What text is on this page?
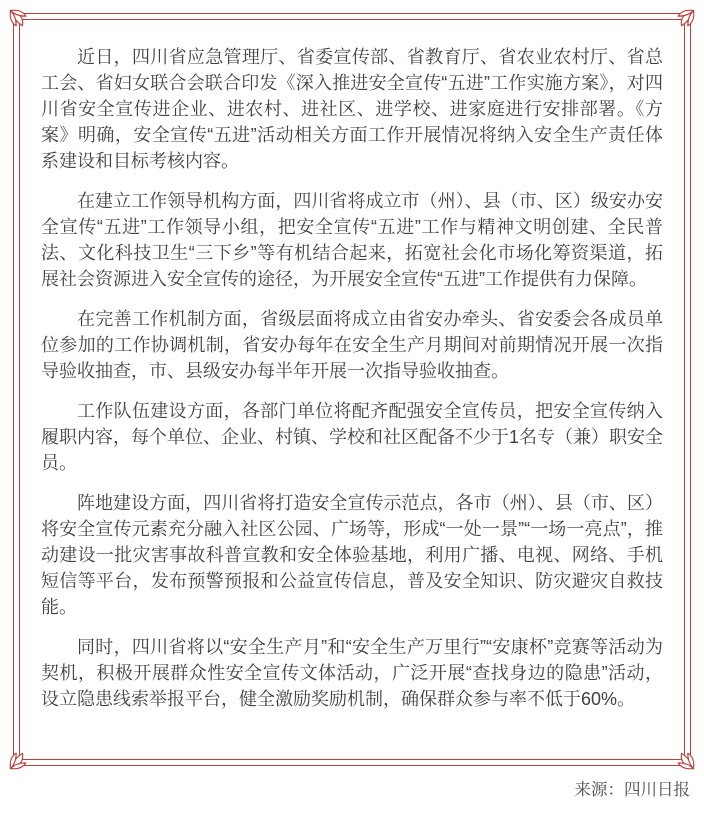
近日，四川省应急管理厅、省委宣传部、省教育厅、省农业农村厅、省总工会、省妇女联合会联合印发《深入推进安全宣传“五进”工作实施方案》，对四川省安全宣传进企业、进农村、进社区、进学校、进家庭进行安排部署。《方案》明确，安全宣传“五进”活动相关方面工作开展情况将纳入安全生产责任体系建设和目标考核内容。

在建立工作领导机构方面，四川省将成立市（州）、县（市、区）级安办安全宣传“五进”工作领导小组，把安全宣传“五进”工作与精神文明创建、全民普法、文化科技卫生“三下乡”等有机结合起来，拓宽社会化市场化筹资渠道，拓展社会资源进入安全宣传的途径，为开展安全宣传“五进”工作提供有力保障。

在完善工作机制方面，省级层面将成立由省安办牵头、省安委会各成员单位参加的工作协调机制，省安办每年在安全生产月期间对前期情况开展一次指导验收抽查，市、县级安办每半年开展一次指导验收抽查。

工作队伍建设方面，各部门单位将配齐配强安全宣传员，把安全宣传纳入履职内容，每个单位、企业、村镇、学校和社区配备不少于1名专（兼）职安全员。

阵地建设方面，四川省将打造安全宣传示范点，各市（州）、县（市、区）将安全宣传元素充分融入社区公园、广场等，形成“一处一景”“一场一亮点”，推动建设一批灾害事故科普宣教和安全体验基地，利用广播、电视、网络、手机短信等平台，发布预警预报和公益宣传信息，普及安全知识、防灾避灾自救技能。

同时，四川省将以“安全生产月”和“安全生产万里行”“安康杯”竞赛等活动为契机，积极开展群众性安全宣传文体活动，广泛开展“查找身边的隐患”活动，设立隐患线索举报平台，健全激励奖励机制，确保群众参与率不低于60%。

来源：四川日报
